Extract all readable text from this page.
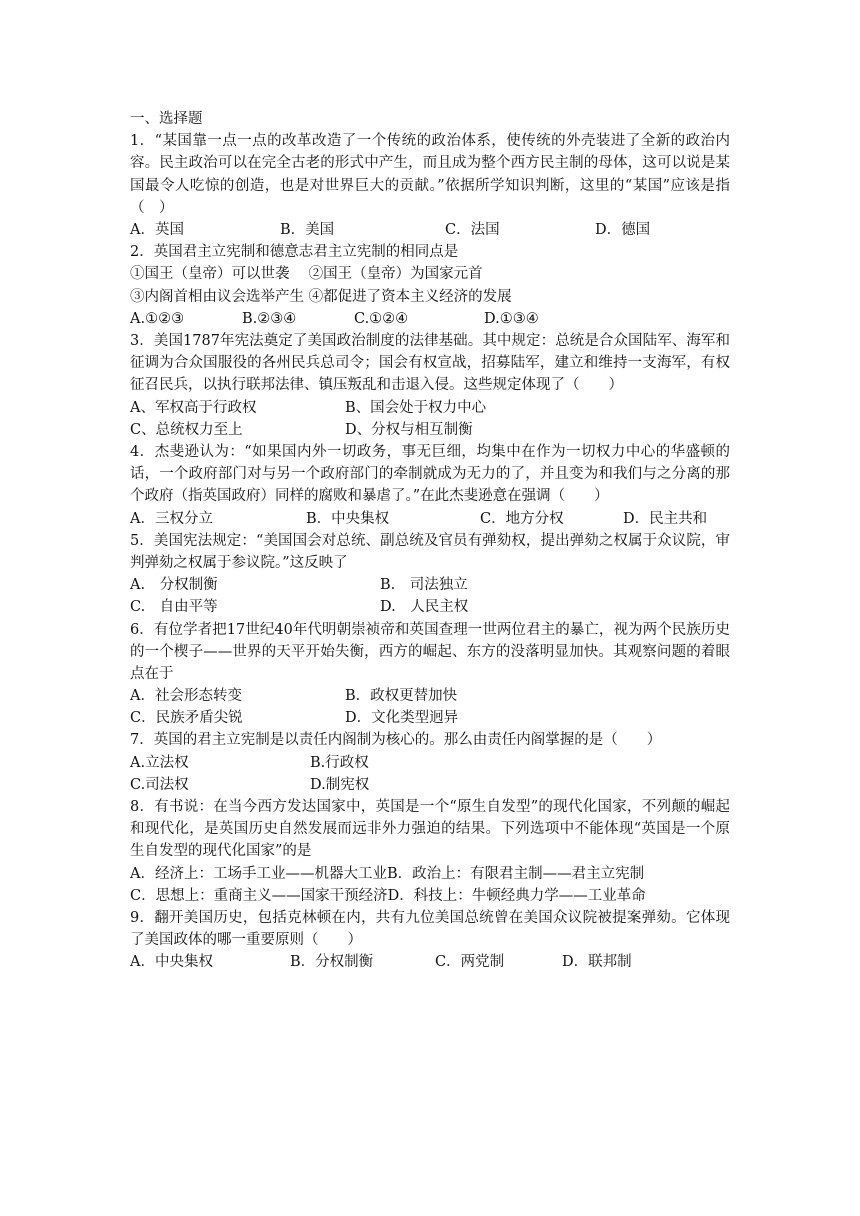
一、选择题
1．“某国靠一点一点的改革改造了一个传统的政治体系，使传统的外壳装进了全新的政治内容。民主政治可以在完全古老的形式中产生，而且成为整个西方民主制的母体，这可以说是某国最令人吃惊的创造，也是对世界巨大的贡献。”依据所学知识判断，这里的“某国”应该是指 （　）
A．英国	B．美国	C．法国	D．德国
2．英国君主立宪制和德意志君主立宪制的相同点是
①国王（皇帝）可以世袭　 ②国王（皇帝）为国家元首
③内阁首相由议会选举产生 ④都促进了资本主义经济的发展
A.①②③	B.②③④	C.①②④	D.①③④
3．美国1787年宪法奠定了美国政治制度的法律基础。其中规定：总统是合众国陆军、海军和征调为合众国服役的各州民兵总司令；国会有权宣战，招募陆军，建立和维持一支海军，有权征召民兵，以执行联邦法律、镇压叛乱和击退入侵。这些规定体现了（　　）
A、军权高于行政权	B、国会处于权力中心
C、总统权力至上	D、分权与相互制衡
4．杰斐逊认为：“如果国内外一切政务，事无巨细，均集中在作为一切权力中心的华盛顿的话，一个政府部门对与另一个政府部门的牵制就成为无力的了，并且变为和我们与之分离的那个政府（指英国政府）同样的腐败和暴虐了。”在此杰斐逊意在强调（　　）
A．三权分立	B．中央集权	C．地方分权	D．民主共和
5．美国宪法规定：“美国国会对总统、副总统及官员有弹劾权，提出弹劾之权属于众议院，审判弹劾之权属于参议院。”这反映了
A.　分权制衡	B.　司法独立
C.　自由平等	D.　人民主权
6．有位学者把17世纪40年代明朝崇祯帝和英国查理一世两位君主的暴亡，视为两个民族历史的一个楔子——世界的天平开始失衡，西方的崛起、东方的没落明显加快。其观察问题的着眼点在于
A．社会形态转变	B．政权更替加快
C．民族矛盾尖锐	D．文化类型迥异
7．英国的君主立宪制是以责任内阁制为核心的。那么由责任内阁掌握的是（　　）
A.立法权	B.行政权
C.司法权	D.制宪权
8．有书说：在当今西方发达国家中，英国是一个“原生自发型”的现代化国家，不列颠的崛起和现代化，是英国历史自然发展而远非外力强迫的结果。下列选项中不能体现“英国是一个原生自发型的现代化国家”的是
A．经济上：工场手工业——机器大工业B．政治上：有限君主制——君主立宪制
C．思想上：重商主义——国家干预经济D．科技上：牛顿经典力学——工业革命
9．翻开美国历史，包括克林顿在内，共有九位美国总统曾在美国众议院被提案弹劾。它体现了美国政体的哪一重要原则（　　）
A．中央集权	B．分权制衡	C．两党制	D．联邦制
